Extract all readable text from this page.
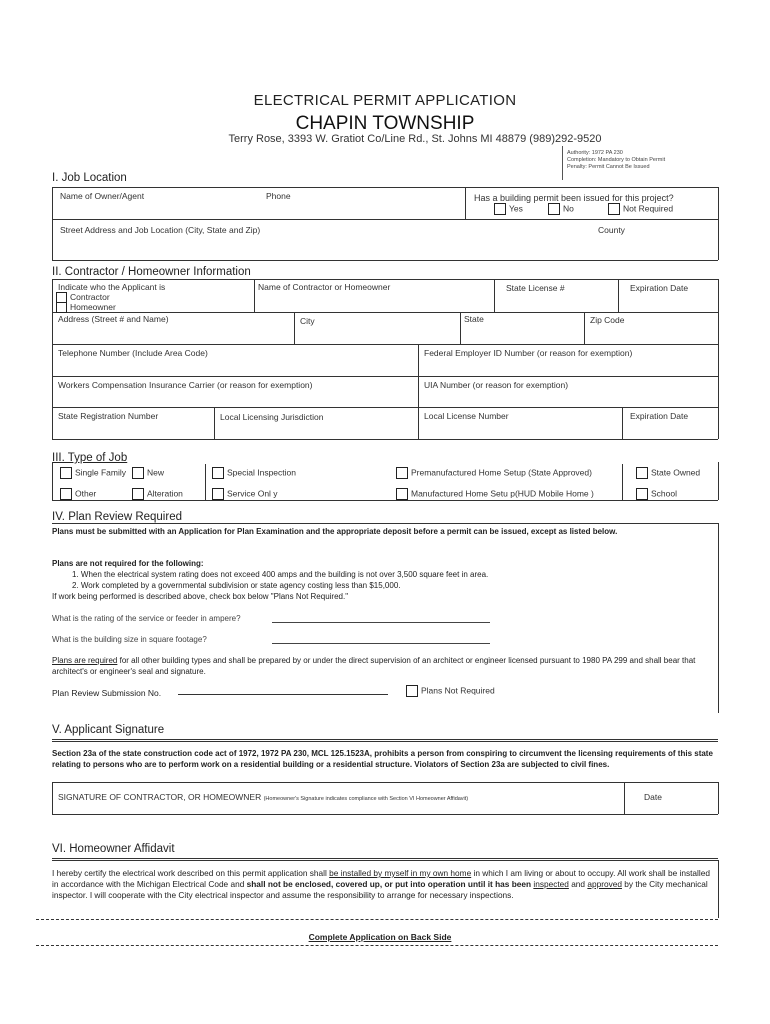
ELECTRICAL PERMIT APPLICATION
CHAPIN TOWNSHIP
Terry Rose, 3393 W. Gratiot Co/Line Rd., St. Johns MI 48879 (989)292-9520
Authority: 1972 PA 230
Completion: Mandatory to Obtain Permit
Penalty: Permit Cannot Be Issued
I. Job Location
Name of Owner/Agent	Phone	Has a building permit been issued for this project?
Yes	No	Not Required
Street Address and Job Location (City, State and Zip)	County
II. Contractor / Homeowner Information
Indicate who the Applicant is
Contractor
Homeowner
Name of Contractor or Homeowner	State License #	Expiration Date
Address (Street # and Name)	City	State	Zip Code
Telephone Number (Include Area Code)	Federal Employer ID Number (or reason for exemption)
Workers Compensation Insurance Carrier (or reason for exemption)	UIA Number (or reason for exemption)
State Registration Number	Local Licensing Jurisdiction	Local License Number	Expiration Date
III. Type of Job
Single Family	New	Special Inspection	Premanufactured Home Setup (State Approved)	State Owned
Other	Alteration	Service Onl y	Manufactured Home Setu p(HUD Mobile Home )	School
IV. Plan Review Required
Plans must be submitted with an Application for Plan Examination and the appropriate deposit before a permit can be issued, except as listed below.
Plans are not required for the following:
1. When the electrical system rating does not exceed 400 amps and the building is not over 3,500 square feet in area.
2. Work completed by a governmental subdivision or state agency costing less than $15,000.
If work being performed is described above, check box below "Plans Not Required."
What is the rating of the service or feeder in ampere?
What is the building size in square footage?
Plans are required for all other building types and shall be prepared by or under the direct supervision of an architect or engineer licensed pursuant to 1980 PA 299 and shall bear that architect's or engineer's seal and signature.
Plan Review Submission No.	Plans Not Required
V. Applicant Signature
Section 23a of the state construction code act of 1972, 1972 PA 230, MCL 125.1523A, prohibits a person from conspiring to circumvent the licensing requirements of this state relating to persons who are to perform work on a residential building or a residential structure. Violators of Section 23a are subjected to civil fines.
SIGNATURE OF CONTRACTOR, OR HOMEOWNER (Homeowner's Signature indicates compliance with Section VI Homeowner Affidavit)	Date
VI. Homeowner Affidavit
I hereby certify the electrical work described on this permit application shall be installed by myself in my own home in which I am living or about to occupy. All work shall be installed in accordance with the Michigan Electrical Code and shall not be enclosed, covered up, or put into operation until it has been inspected and approved by the City mechanical inspector. I will cooperate with the City electrical inspector and assume the responsibility to arrange for necessary inspections.
Complete Application on Back Side
